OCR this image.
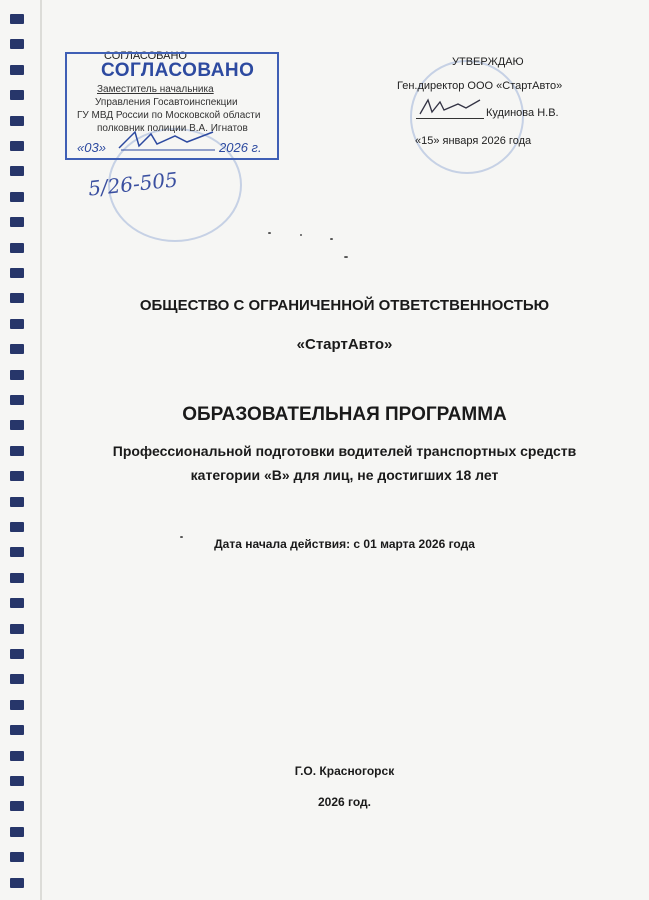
СОГЛАСОВАНО
СОГЛАСОВАНО
Заместитель начальника
Управления Госавтоинспекции
ГУ МВД России по Московской области
полковник полиции В.А. Игнатов
«03»	2026 г.
5/26-505
УТВЕРЖДАЮ
Ген.директор ООО «СтартАвто»
Кудинова Н.В.
«15» января 2026 года
ОБЩЕСТВО С ОГРАНИЧЕННОЙ ОТВЕТСТВЕННОСТЬЮ
«СтартАвто»
ОБРАЗОВАТЕЛЬНАЯ ПРОГРАММА
Профессиональной подготовки водителей транспортных средств
категории «В» для лиц, не достигших 18 лет
Дата начала действия: с 01 марта 2026 года
Г.О. Красногорск
2026 год.
